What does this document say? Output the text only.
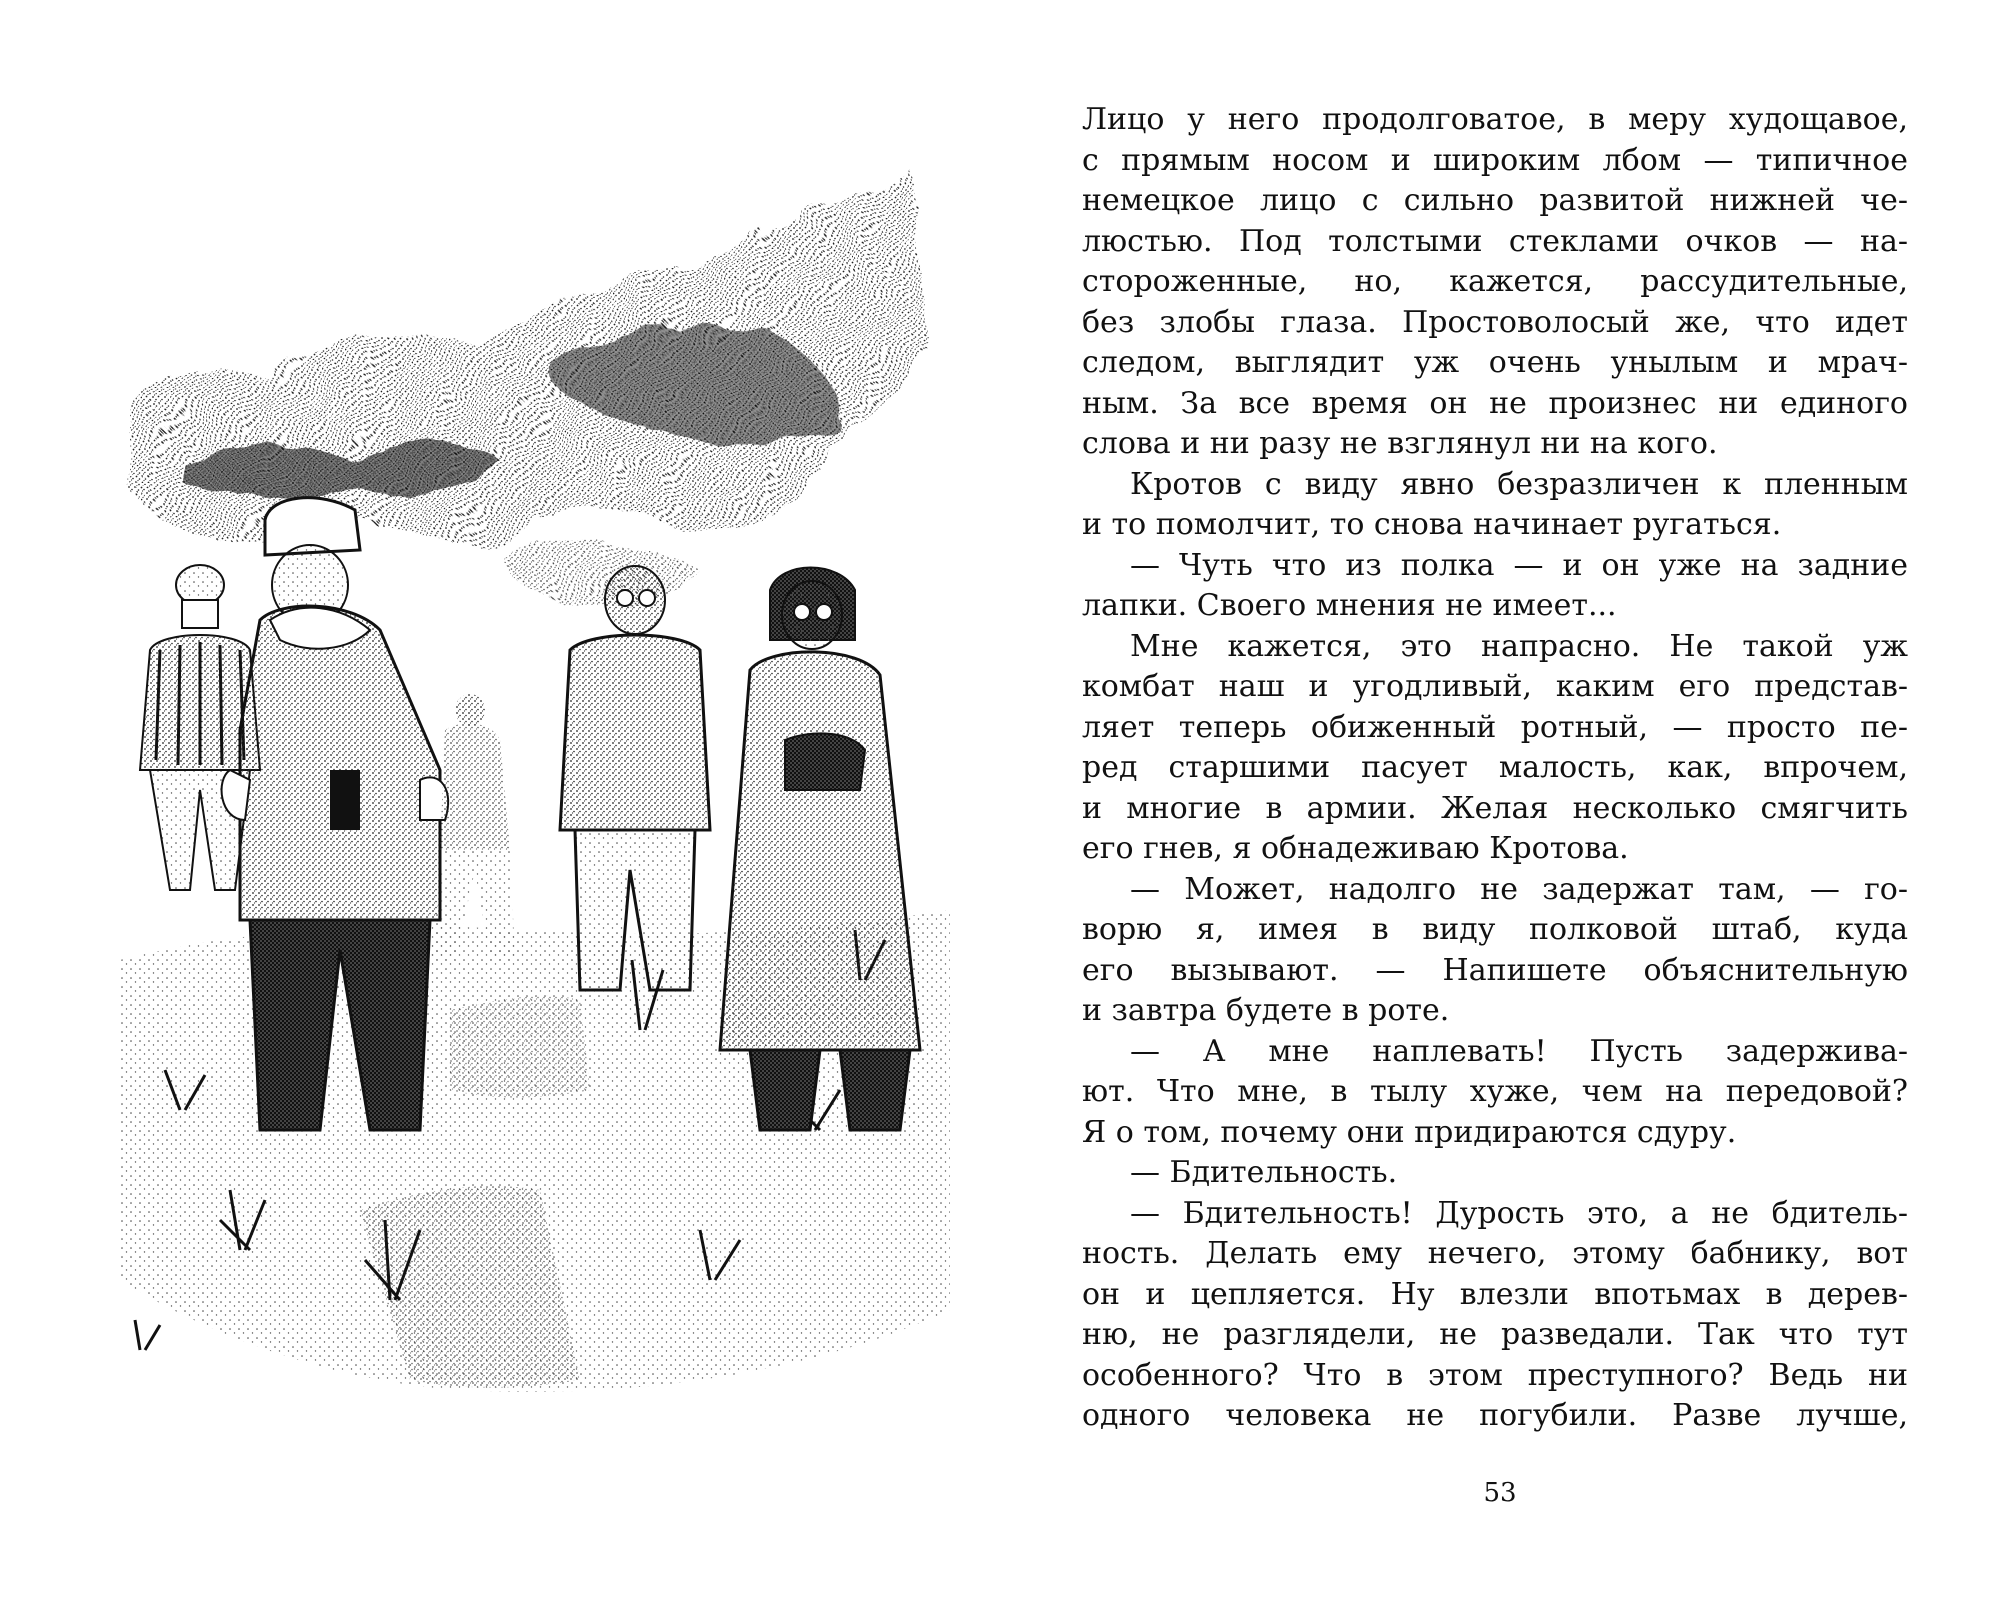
Лицо у него продолговатое, в меру худощавое,
с прямым носом и широким лбом — типичное
немецкое лицо с сильно развитой нижней че-
люстью. Под толстыми стеклами очков — на-
стороженные, но, кажется, рассудительные,
без злобы глаза. Простоволосый же, что идет
следом, выглядит уж очень унылым и мрач-
ным. За все время он не произнес ни единого
слова и ни разу не взглянул ни на кого.
Кротов с виду явно безразличен к пленным
и то помолчит, то снова начинает ругаться.
— Чуть что из полка — и он уже на задние
лапки. Своего мнения не имеет...
Мне кажется, это напрасно. Не такой уж
комбат наш и угодливый, каким его представ-
ляет теперь обиженный ротный, — просто пе-
ред старшими пасует малость, как, впрочем,
и многие в армии. Желая несколько смягчить
его гнев, я обнадеживаю Кротова.
— Может, надолго не задержат там, — го-
ворю я, имея в виду полковой штаб, куда
его вызывают. — Напишете объяснительную
и завтра будете в роте.
— А мне наплевать! Пусть задерживa-
ют. Что мне, в тылу хуже, чем на передовой?
Я о том, почему они придираются сдуру.
— Бдительность.
— Бдительность! Дурость это, а не бдитель-
ность. Делать ему нечего, этому бабнику, вот
он и цепляется. Ну влезли впотьмах в дерев-
ню, не разглядели, не разведали. Так что тут
особенного? Что в этом преступного? Ведь ни
одного человека не погубили. Разве лучше,
53
